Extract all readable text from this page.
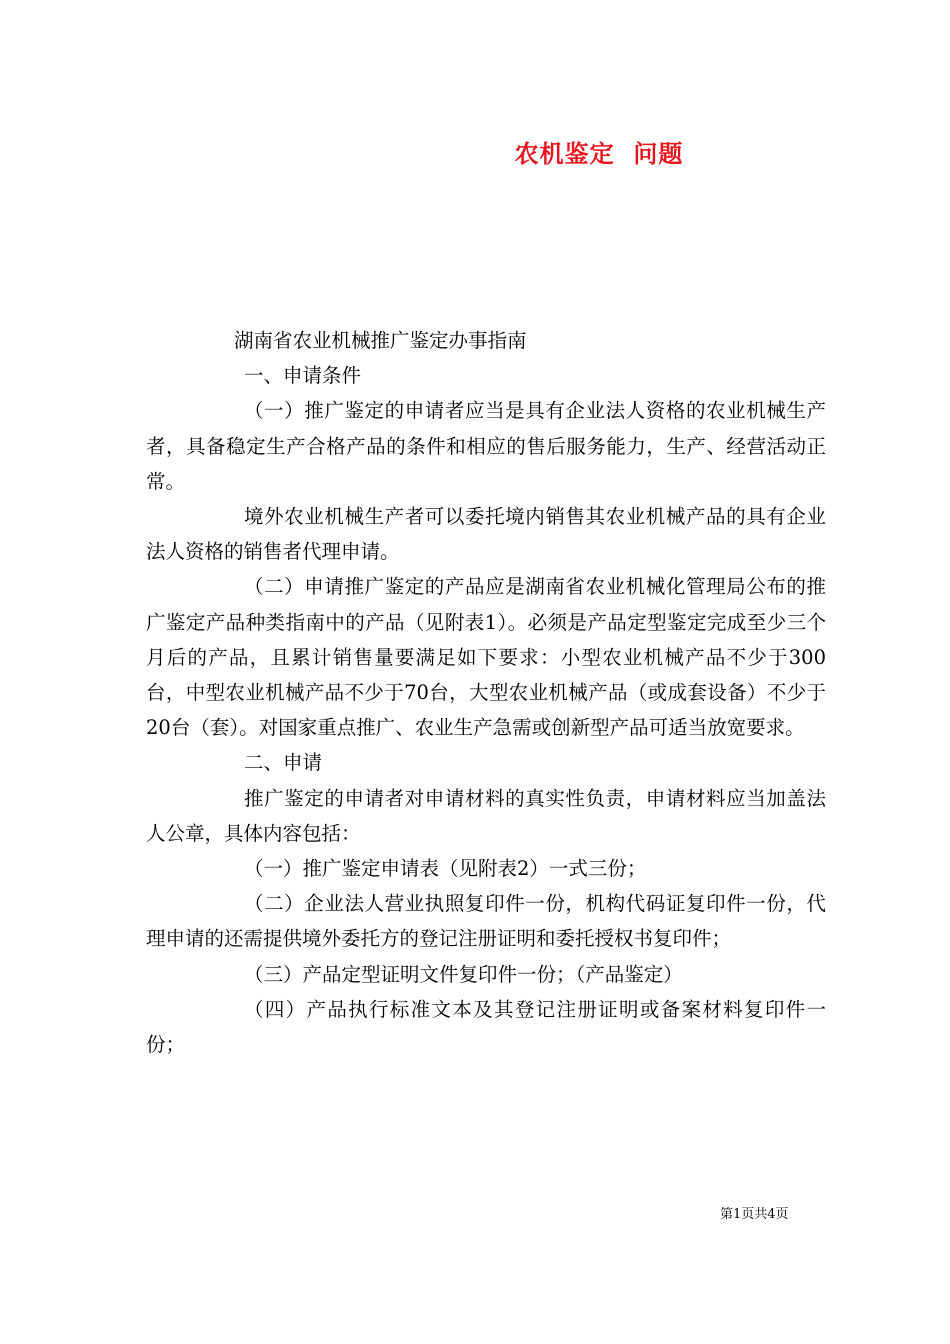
农机鉴定  问题

湖南省农业机械推广鉴定办事指南

一、申请条件

（一）推广鉴定的申请者应当是具有企业法人资格的农业机械生产者，具备稳定生产合格产品的条件和相应的售后服务能力，生产、经营活动正常。

境外农业机械生产者可以委托境内销售其农业机械产品的具有企业法人资格的销售者代理申请。

（二）申请推广鉴定的产品应是湖南省农业机械化管理局公布的推广鉴定产品种类指南中的产品（见附表1）。必须是产品定型鉴定完成至少三个月后的产品，且累计销售量要满足如下要求：小型农业机械产品不少于300台，中型农业机械产品不少于70台，大型农业机械产品（或成套设备）不少于20台（套）。对国家重点推广、农业生产急需或创新型产品可适当放宽要求。

二、申请

推广鉴定的申请者对申请材料的真实性负责，申请材料应当加盖法人公章，具体内容包括：

（一）推广鉴定申请表（见附表2）一式三份；

（二）企业法人营业执照复印件一份，机构代码证复印件一份，代理申请的还需提供境外委托方的登记注册证明和委托授权书复印件；

（三）产品定型证明文件复印件一份；（产品鉴定）

（四）产品执行标准文本及其登记注册证明或备案材料复印件一份；

第1页共4页
